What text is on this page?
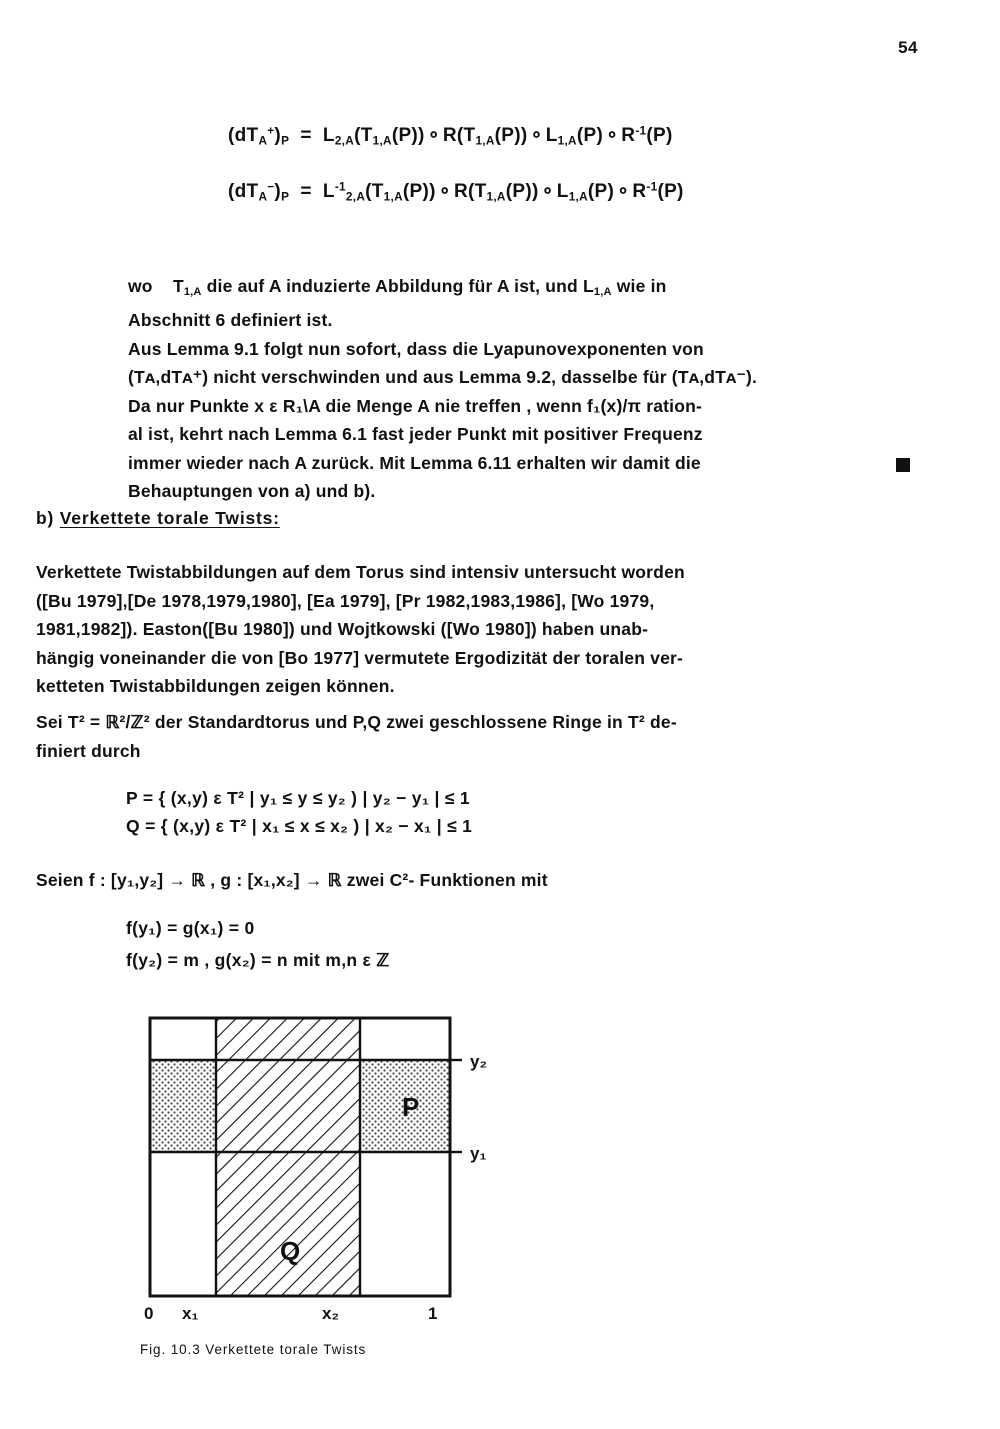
54
$(dT_A^+)_P = L_{2,A}(T_{1,A}(P))$ ∘ $R(T_{1,A}(P))$ ∘ $L_{1,A}(P)$ ∘ $R^{-1}(P)$
$(dT_A^-)_P = L^{-1}_{2,A}(T_{1,A}(P))$ ∘ $R(T_{1,A}(P))$ ∘ $L_{1,A}(P)$ ∘ $R^{-1}(P)$
wo $T_{1,A}$ die auf A induzierte Abbildung für A ist, und $L_{1,A}$ wie in
Abschnitt 6 definiert ist.
Aus Lemma 9.1 folgt nun sofort, dass die Lyapunovexponenten von
(Tᴀ,dTᴀ⁺) nicht verschwinden und aus Lemma 9.2, dasselbe für (Tᴀ,dTᴀ⁻).
Da nur Punkte x ε R₁\A die Menge A nie treffen , wenn f₁(x)/π ration-
al ist, kehrt nach Lemma 6.1 fast jeder Punkt mit positiver Frequenz
immer wieder nach A zurück. Mit Lemma 6.11 erhalten wir damit die
Behauptungen von a) und b).
b) Verkettete torale Twists:
Verkettete Twistabbildungen auf dem Torus sind intensiv untersucht worden
([Bu 1979],[De 1978,1979,1980], [Ea 1979], [Pr 1982,1983,1986], [Wo 1979,
1981,1982]). Easton([Bu 1980]) und Wojtkowski ([Wo 1980]) haben unab-
hängig voneinander die von [Bo 1977] vermutete Ergodizität der toralen ver-
ketteten Twistabbildungen zeigen können.
Sei T² = ℝ²/ℤ² der Standardtorus und P,Q zwei geschlossene Ringe in T² de-
finiert durch
P = { (x,y) ε T² | y₁ ≤ y ≤ y₂ ) | y₂ − y₁ | ≤ 1
Q = { (x,y) ε T² | x₁ ≤ x ≤ x₂ ) | x₂ − x₁ | ≤ 1
Seien f : [y₁,y₂] → ℝ , g : [x₁,x₂] → ℝ zwei C²- Funktionen mit
f(y₁) = g(x₁) = 0
f(y₂) = m , g(x₂) = n mit m,n ε ℤ
P
Q
y₂
y₁
0 x₁	x₂	1
Fig. 10.3 Verkettete torale Twists
